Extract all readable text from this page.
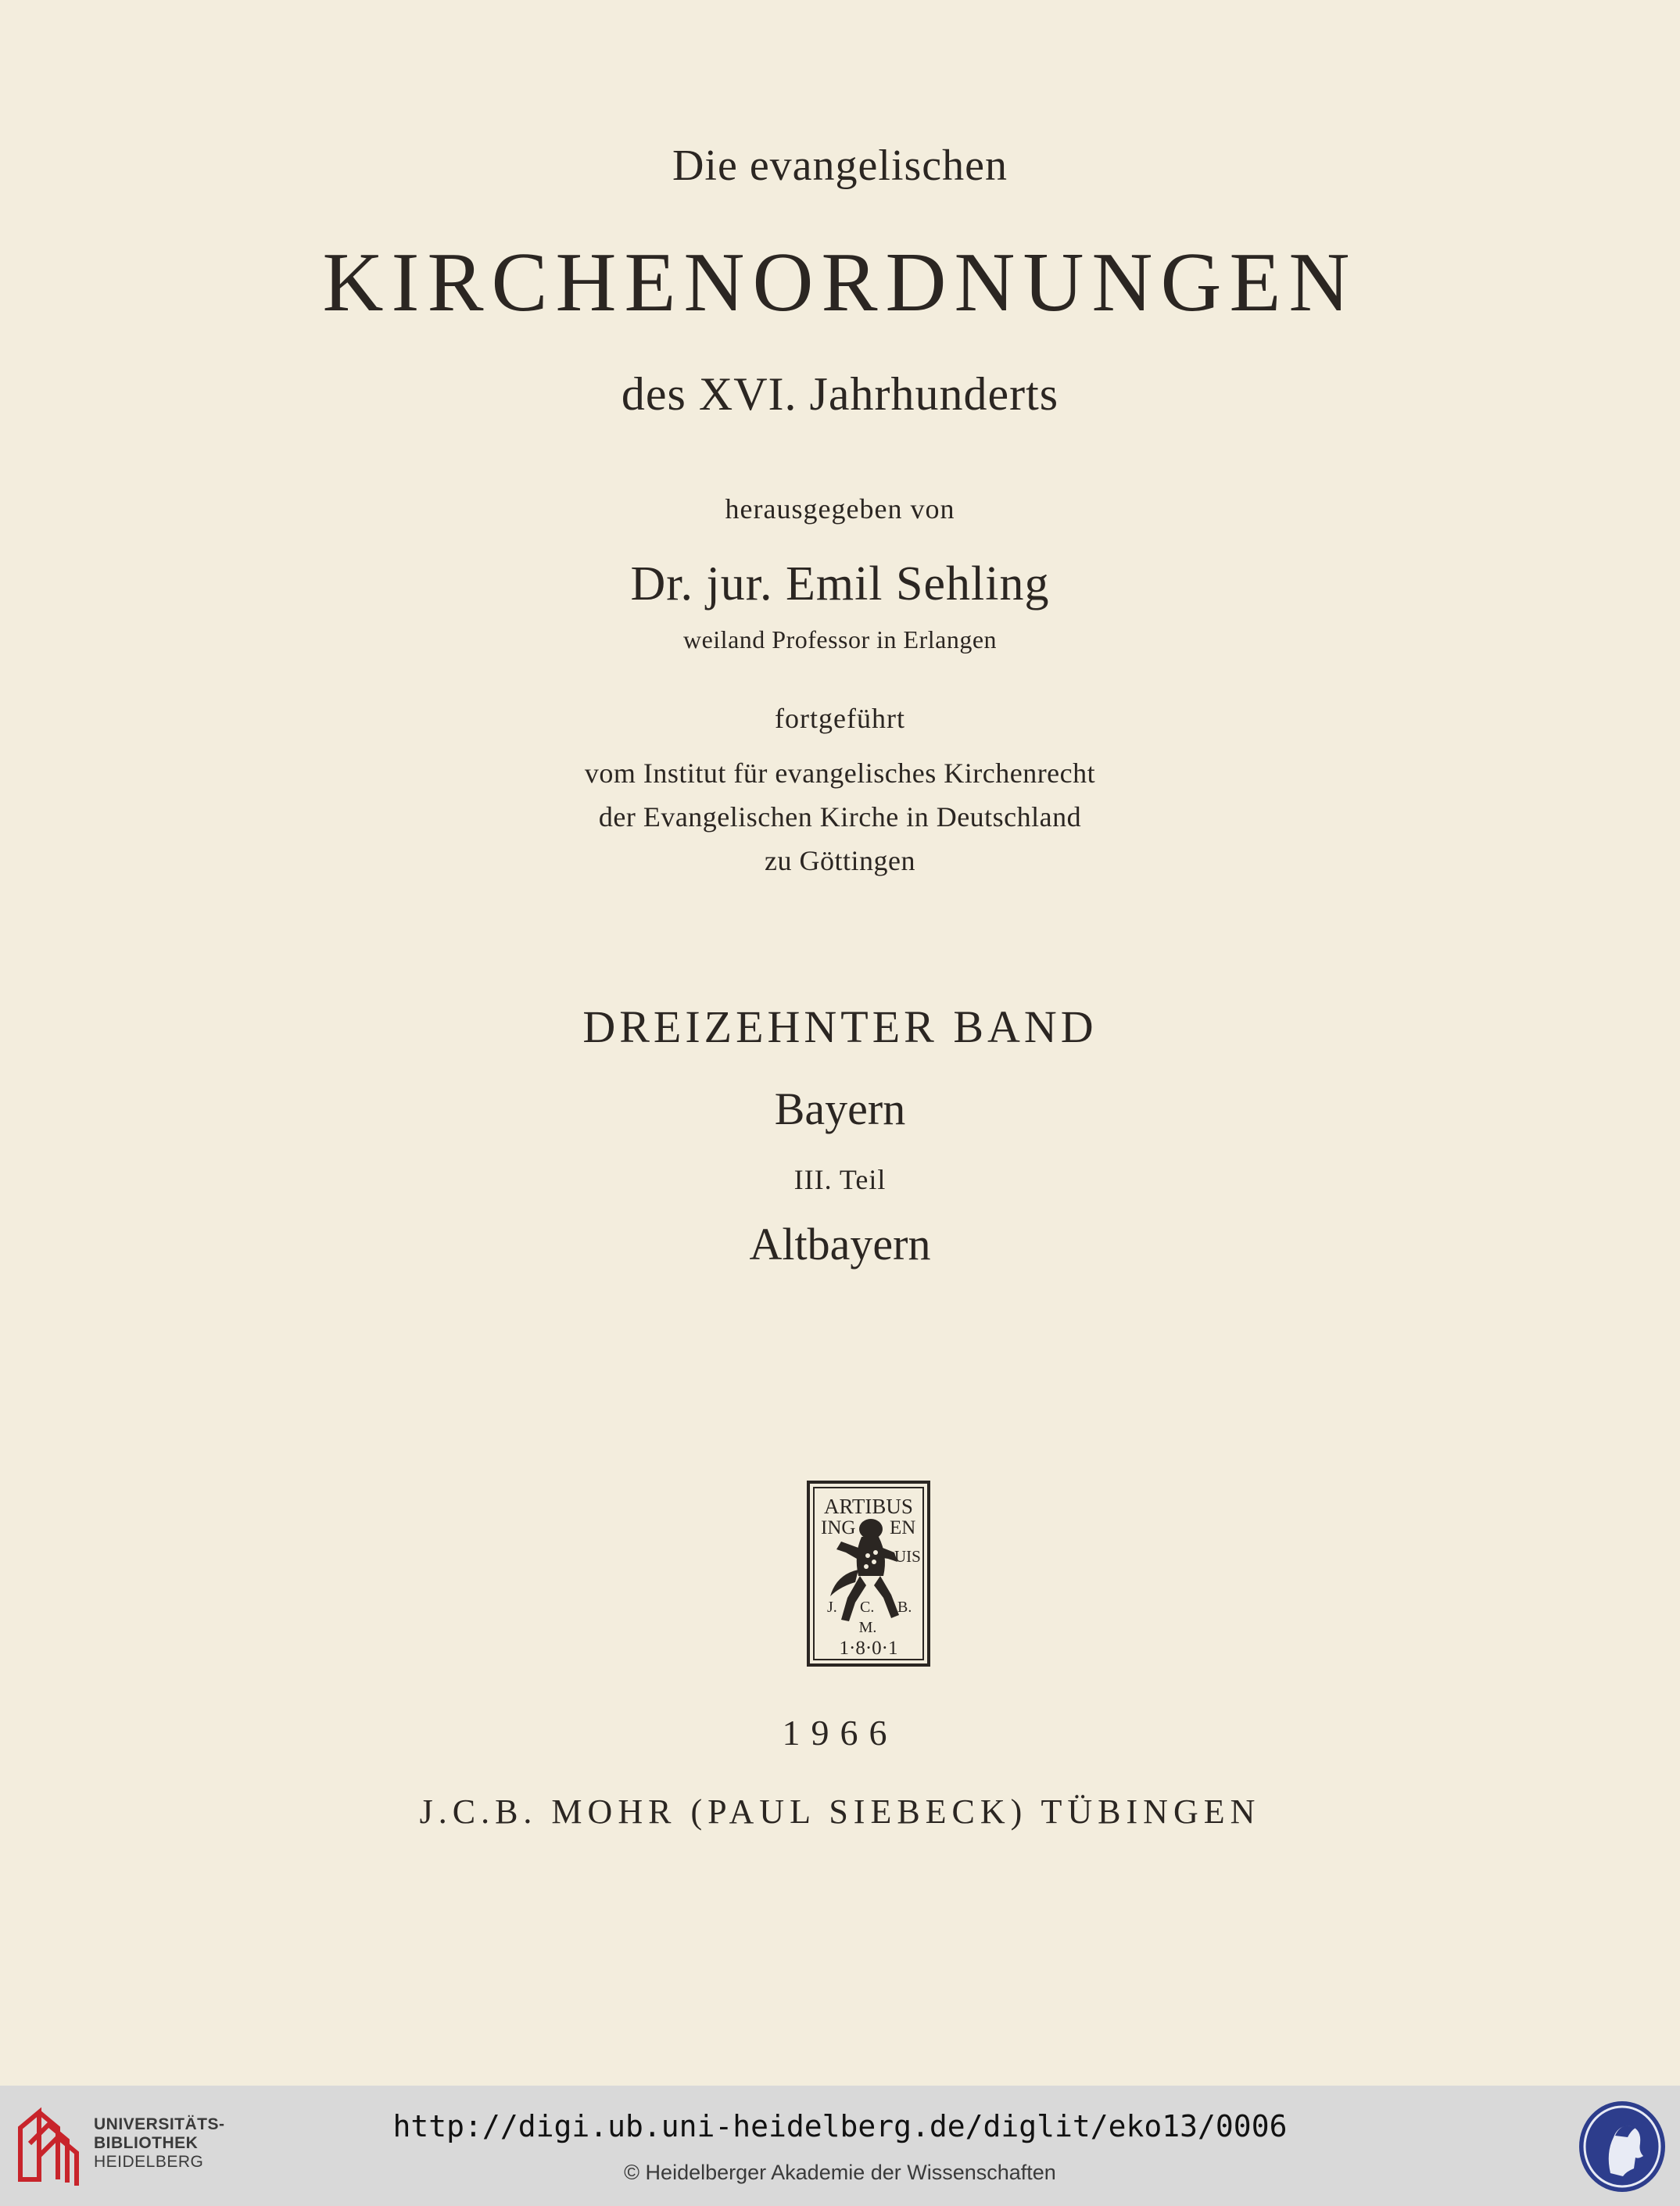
Die evangelischen
KIRCHENORDNUNGEN
des XVI. Jahrhunderts
herausgegeben von
Dr. jur. Emil Sehling
weiland Professor in Erlangen
fortgeführt
vom Institut für evangelisches Kirchenrecht
der Evangelischen Kirche in Deutschland
zu Göttingen
DREIZEHNTER BAND
Bayern
III. Teil
Altbayern
ARTIBUS
ING EN
UIS
J. C. B.
M.
1·8·0·1
1966
J.C.B. MOHR (PAUL SIEBECK) TÜBINGEN
UNIVERSITÄTS-
BIBLIOTHEK
HEIDELBERG
http://digi.ub.uni-heidelberg.de/diglit/eko13/0006
© Heidelberger Akademie der Wissenschaften
